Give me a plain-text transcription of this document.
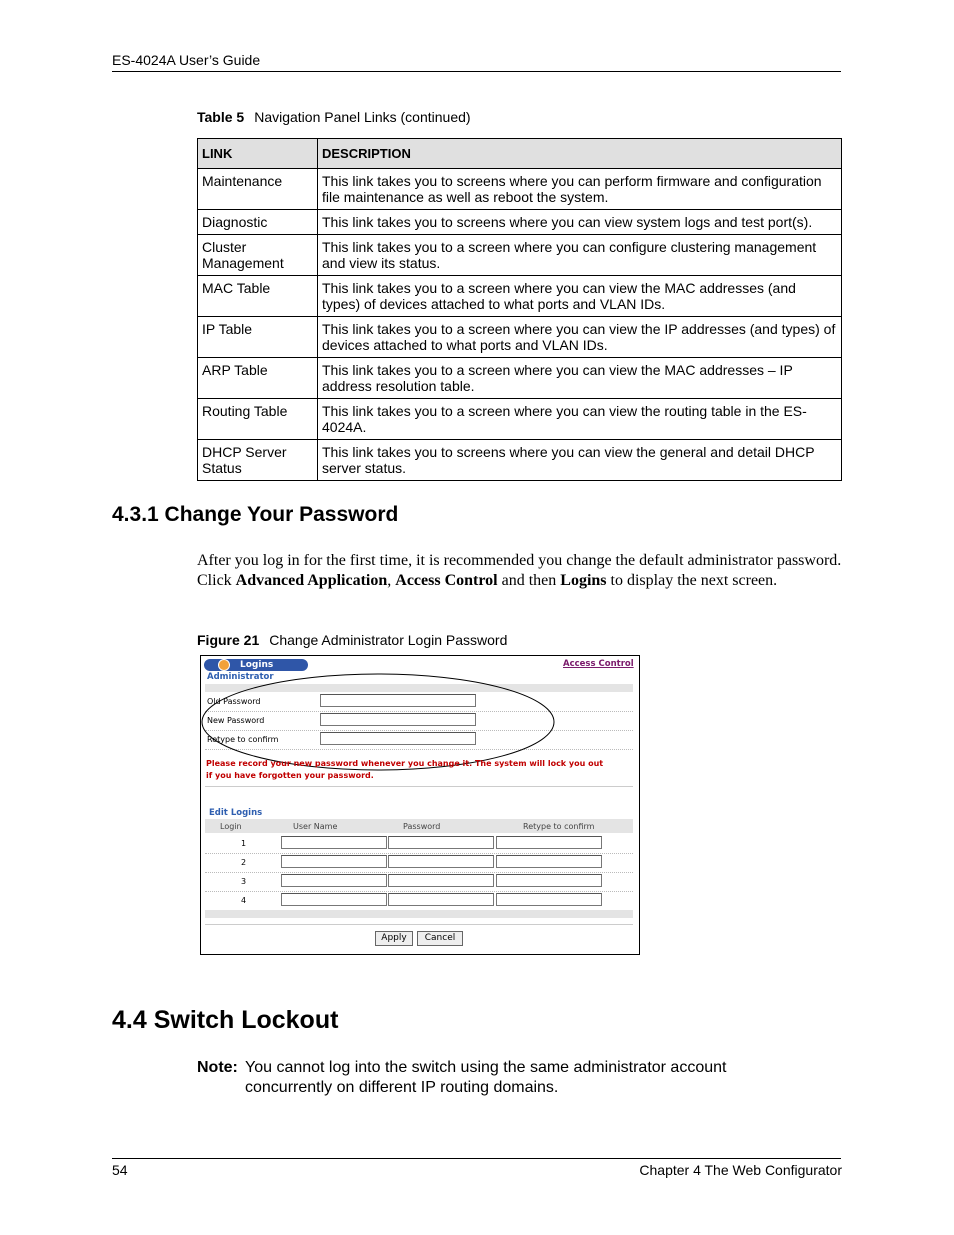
ES-4024A User’s Guide
Table 5 Navigation Panel Links (continued)
LINK	DESCRIPTION
Maintenance	This link takes you to screens where you can perform firmware and configuration file maintenance as well as reboot the system.
Diagnostic	This link takes you to screens where you can view system logs and test port(s).
Cluster Management	This link takes you to a screen where you can configure clustering management and view its status.
MAC Table	This link takes you to a screen where you can view the MAC addresses (and types) of devices attached to what ports and VLAN IDs.
IP Table	This link takes you to a screen where you can view the IP addresses (and types) of devices attached to what ports and VLAN IDs.
ARP Table	This link takes you to a screen where you can view the MAC addresses – IP address resolution table.
Routing Table	This link takes you to a screen where you can view the routing table in the ES-4024A.
DHCP Server Status	This link takes you to screens where you can view the general and detail DHCP server status.
4.3.1 Change Your Password
After you log in for the first time, it is recommended you change the default administrator password. Click Advanced Application, Access Control and then Logins to display the next screen.
Figure 21 Change Administrator Login Password
Logins	Access Control
Administrator
Old Password
New Password
Retype to confirm
Please record your new password whenever you change it. The system will lock you out
if you have forgotten your password.
Edit Logins
Login	User Name	Password	Retype to confirm
1
2
3
4
Apply	Cancel
4.4 Switch Lockout
Note: You cannot log into the switch using the same administrator account
concurrently on different IP routing domains.
54	Chapter 4 The Web Configurator
